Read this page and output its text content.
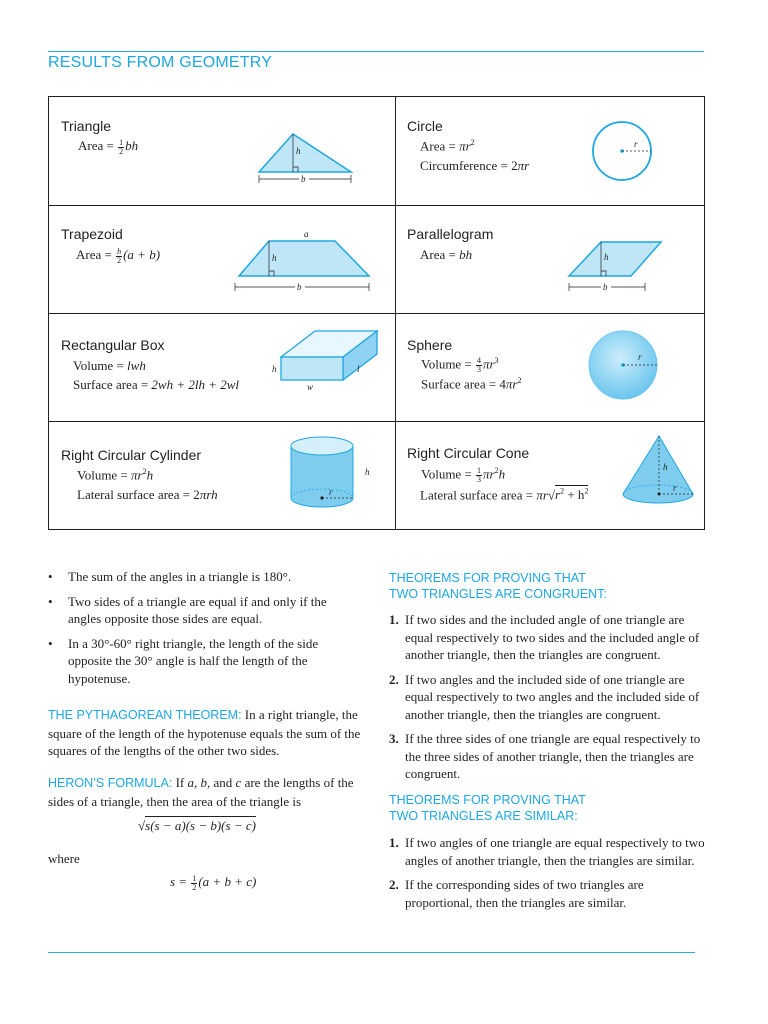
RESULTS FROM GEOMETRY
Triangle
Area = $\frac{1}{2}$ bh	h
b
Circle
Area = $\pi r^2$
Circumference = 2πr
r
Trapezoid
Area = $\frac{h}{2} (a + b)$
a
h
b
Parallelogram
Area = bh	h
b
Rectangular Box
Volume = lwh
Surface area = 2wh + 2lh + 2wl
h	l
w
Sphere
Volume = $\frac{4}{3} \pi r^3$
Surface area = $4\pi r^2$
r
Right Circular Cylinder
Volume = $\pi r^2h$
Lateral surface area = 2πrh	r
h
Right Circular Cone
Volume = $\frac{1}{3} \pi r^2h$
Lateral surface area = $\pi r√r^2 + h^2$
h
r
• The sum of the angles in a triangle is 180°.
• Two sides of a triangle are equal if and only if the angles opposite those sides are equal.
• In a 30°-60° right triangle, the length of the side opposite the 30° angle is half the length of the hypotenuse.
THE PYTHAGOREAN THEOREM: In a right triangle, the square of the length of the hypotenuse equals the sum of the squares of the lengths of the other two sides.
HERON’S FORMULA: If a, b, and c are the lengths of the sides of a triangle, then the area of the triangle is
√s(s − a)(s − b)(s − c)
where
$s = \frac{1}{2} (a + b + c)$
THEOREMS FOR PROVING THAT
TWO TRIANGLES ARE CONGRUENT:
1. If two sides and the included angle of one triangle are equal respectively to two sides and the included angle of another triangle, then the triangles are congruent.
2. If two angles and the included side of one triangle are equal respectively to two angles and the included side of another triangle, then the triangles are congruent.
3. If the three sides of one triangle are equal respectively to the three sides of another triangle, then the triangles are congruent.
THEOREMS FOR PROVING THAT
TWO TRIANGLES ARE SIMILAR:
1. If two angles of one triangle are equal respectively to two angles of another triangle, then the triangles are similar.
2. If the corresponding sides of two triangles are proportional, then the triangles are similar.
